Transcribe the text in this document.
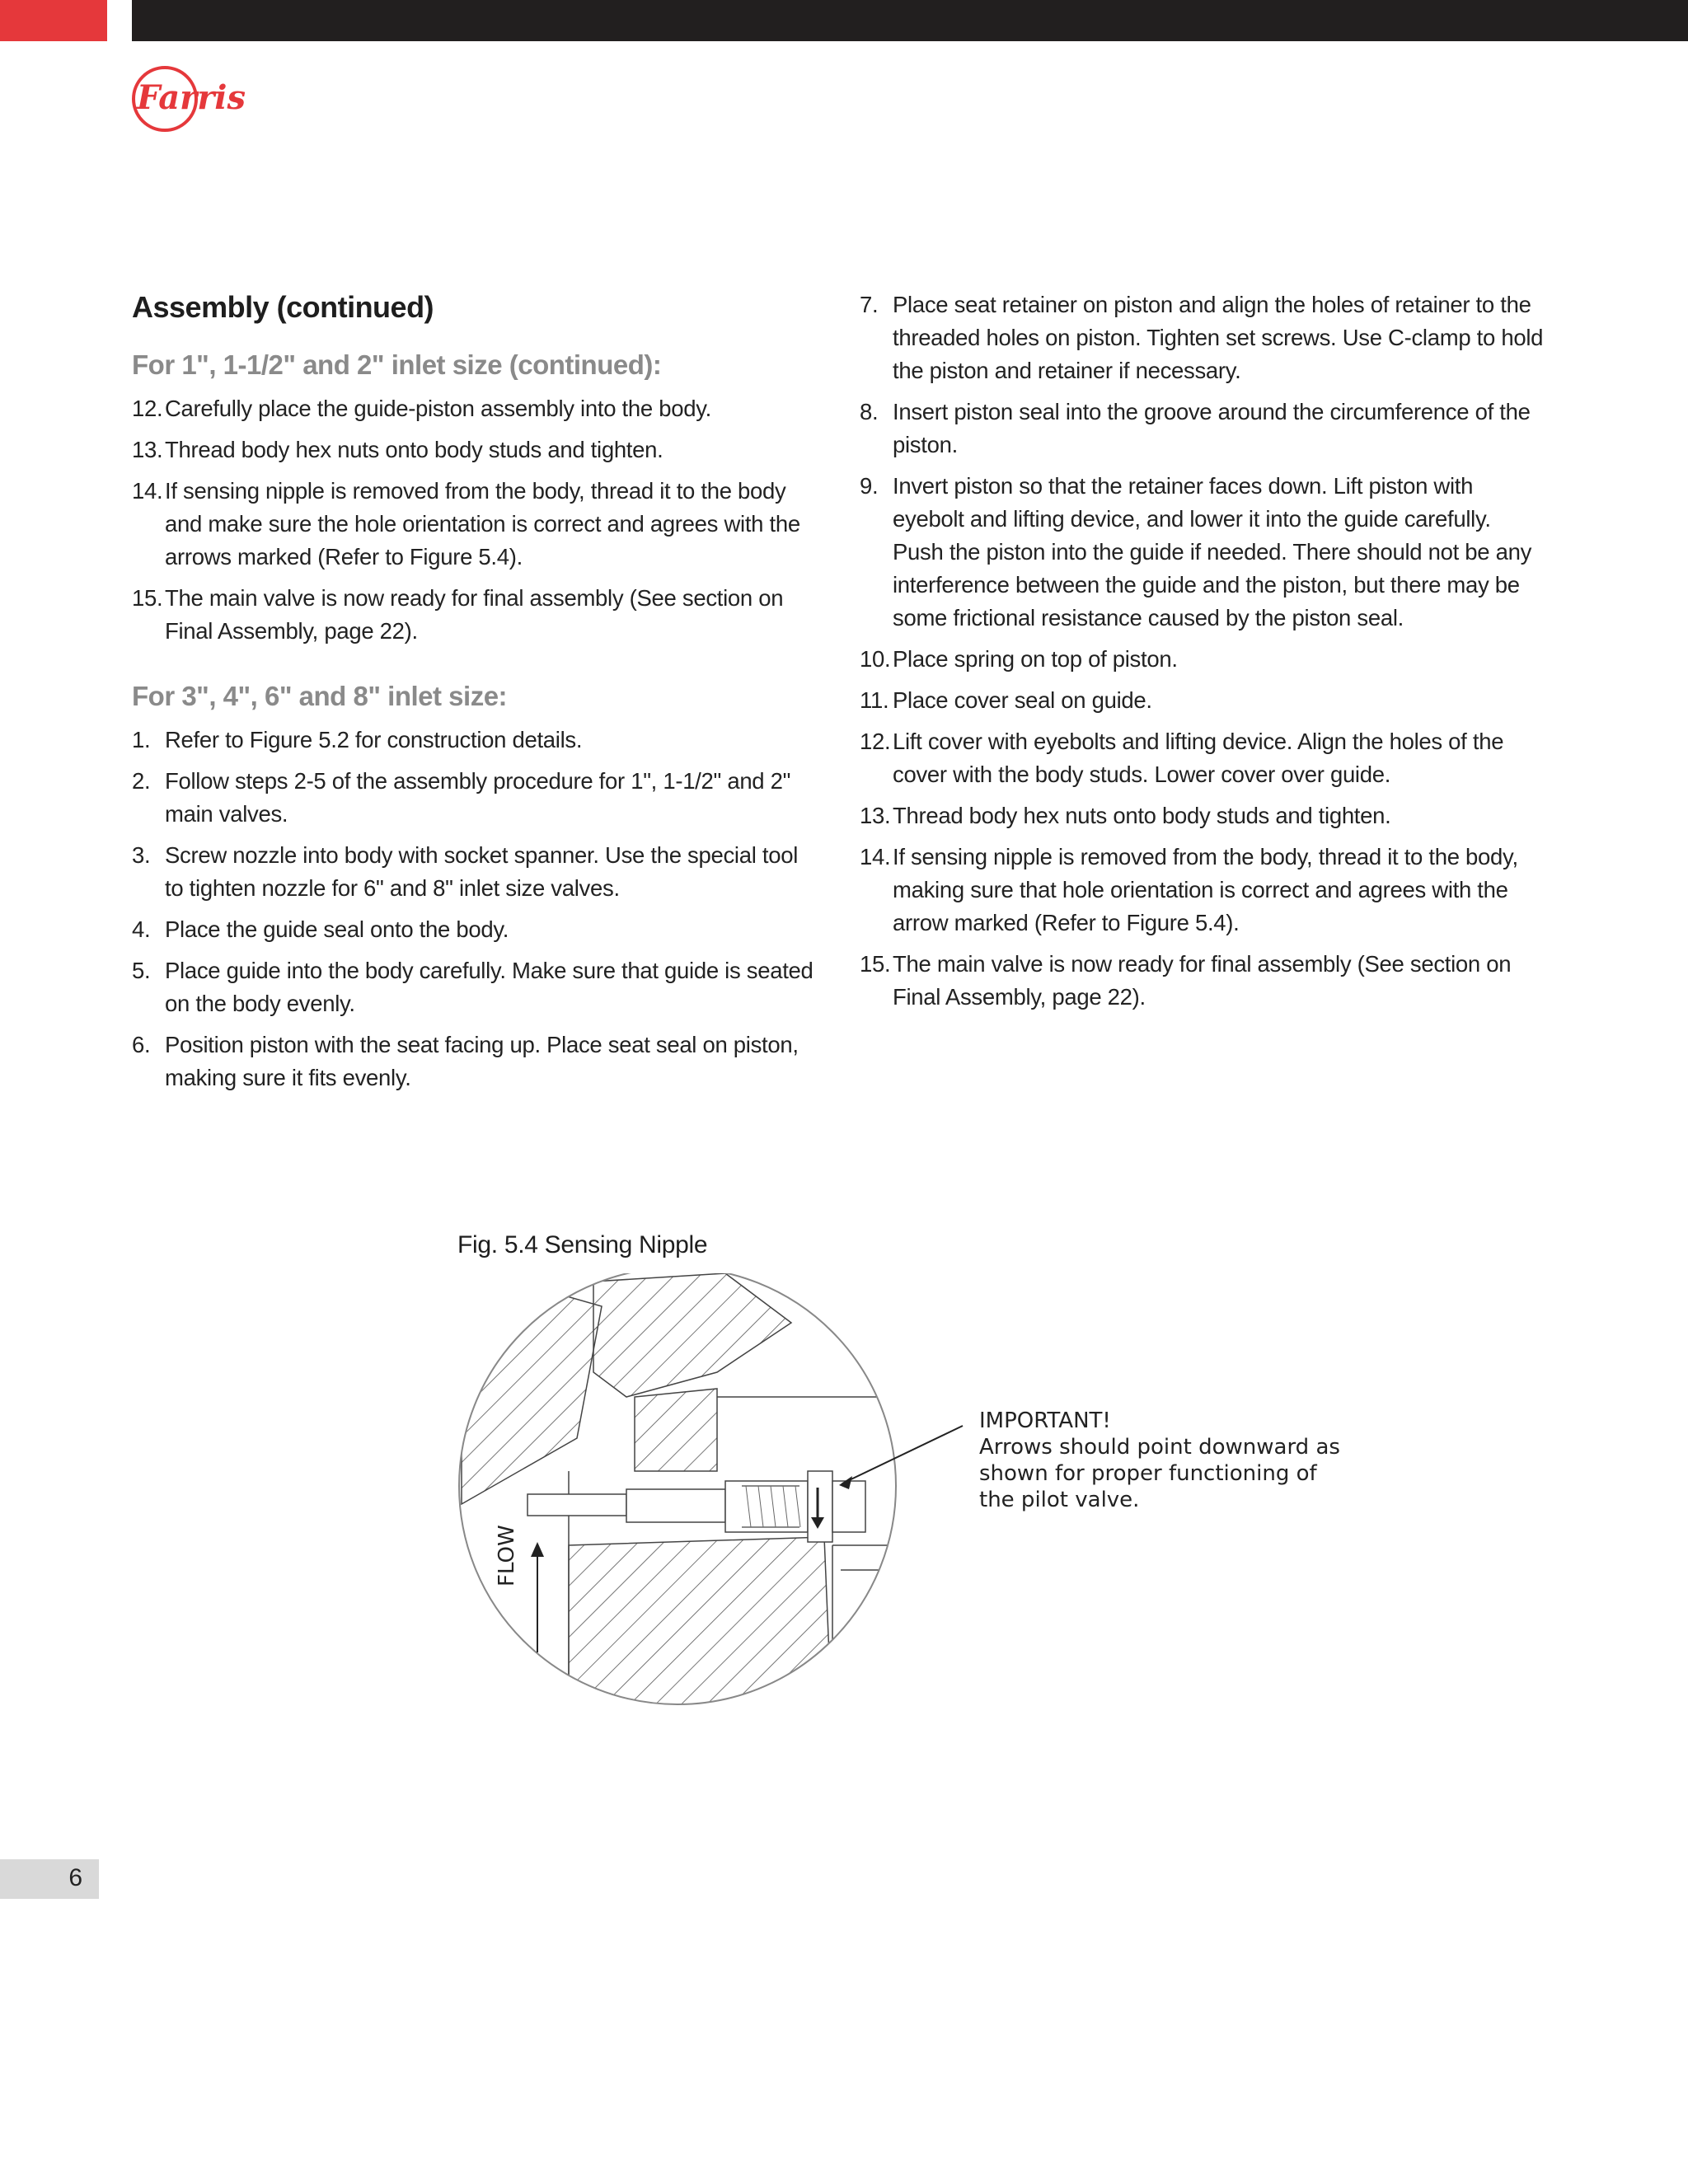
Farris
Assembly (continued)
For 1", 1-1/2" and 2" inlet size (continued):
12. Carefully place the guide-piston assembly into the body.
13. Thread body hex nuts onto body studs and tighten.
14. If sensing nipple is removed from the body, thread it to the body and make sure the hole orientation is correct and agrees with the arrows marked (Refer to Figure 5.4).
15. The main valve is now ready for final assembly (See section on Final Assembly, page 22).
For 3", 4", 6" and 8" inlet size:
1. Refer to Figure 5.2 for construction details.
2. Follow steps 2-5 of the assembly procedure for 1", 1-1/2" and 2" main valves.
3. Screw nozzle into body with socket spanner. Use the special tool to tighten nozzle for 6" and 8" inlet size valves.
4. Place the guide seal onto the body.
5. Place guide into the body carefully. Make sure that guide is seated on the body evenly.
6. Position piston with the seat facing up. Place seat seal on piston, making sure it fits evenly.
7. Place seat retainer on piston and align the holes of retainer to the threaded holes on piston. Tighten set screws. Use C-clamp to hold the piston and retainer if necessary.
8. Insert piston seal into the groove around the circumference of the piston.
9. Invert piston so that the retainer faces down. Lift piston with eyebolt and lifting device, and lower it into the guide carefully. Push the piston into the guide if needed. There should not be any interference between the guide and the piston, but there may be some frictional resistance caused by the piston seal.
10. Place spring on top of piston.
11. Place cover seal on guide.
12. Lift cover with eyebolts and lifting device. Align the holes of the cover with the body studs. Lower cover over guide.
13. Thread body hex nuts onto body studs and tighten.
14. If sensing nipple is removed from the body, thread it to the body, making sure that hole orientation is correct and agrees with the arrow marked (Refer to Figure 5.4).
15. The main valve is now ready for final assembly (See section on Final Assembly, page 22).
Fig. 5.4 Sensing Nipple
FLOW
IMPORTANT!
Arrows should point downward as
shown for proper functioning of
the pilot valve.
6
